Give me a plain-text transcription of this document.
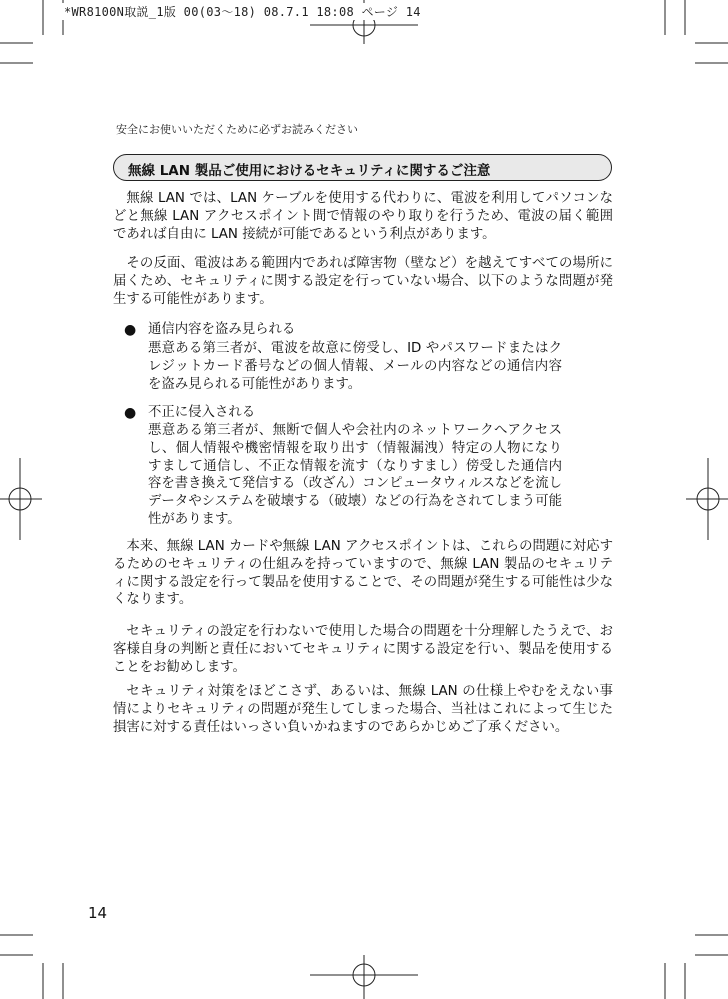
*WR8100N取説_1版 00(03〜18) 08.7.1 18:08 ページ 14
安全にお使いいただくために必ずお読みください
無線 LAN 製品ご使用におけるセキュリティに関するご注意

無線 LAN では、LAN ケーブルを使用する代わりに、電波を利用してパソコンなどと無線 LAN アクセスポイント間で情報のやり取りを行うため、電波の届く範囲であれば自由に LAN 接続が可能であるという利点があります。

その反面、電波はある範囲内であれば障害物（壁など）を越えてすべての場所に届くため、セキュリティに関する設定を行っていない場合、以下のような問題が発生する可能性があります。

● 通信内容を盗み見られる

悪意ある第三者が、電波を故意に傍受し、ID やパスワードまたはクレジットカード番号などの個人情報、メールの内容などの通信内容を盗み見られる可能性があります。

● 不正に侵入される

悪意ある第三者が、無断で個人や会社内のネットワークへアクセスし、個人情報や機密情報を取り出す（情報漏洩）特定の人物になりすまして通信し、不正な情報を流す（なりすまし）傍受した通信内容を書き換えて発信する（改ざん）コンピュータウィルスなどを流しデータやシステムを破壊する（破壊）などの行為をされてしまう可能性があります。

本来、無線 LAN カードや無線 LAN アクセスポイントは、これらの問題に対応するためのセキュリティの仕組みを持っていますので、無線 LAN 製品のセキュリティに関する設定を行って製品を使用することで、その問題が発生する可能性は少なくなります。

セキュリティの設定を行わないで使用した場合の問題を十分理解したうえで、お客様自身の判断と責任においてセキュリティに関する設定を行い、製品を使用することをお勧めします。

セキュリティ対策をほどこさず、あるいは、無線 LAN の仕様上やむをえない事情によりセキュリティの問題が発生してしまった場合、当社はこれによって生じた損害に対する責任はいっさい負いかねますのであらかじめご了承ください。

14
